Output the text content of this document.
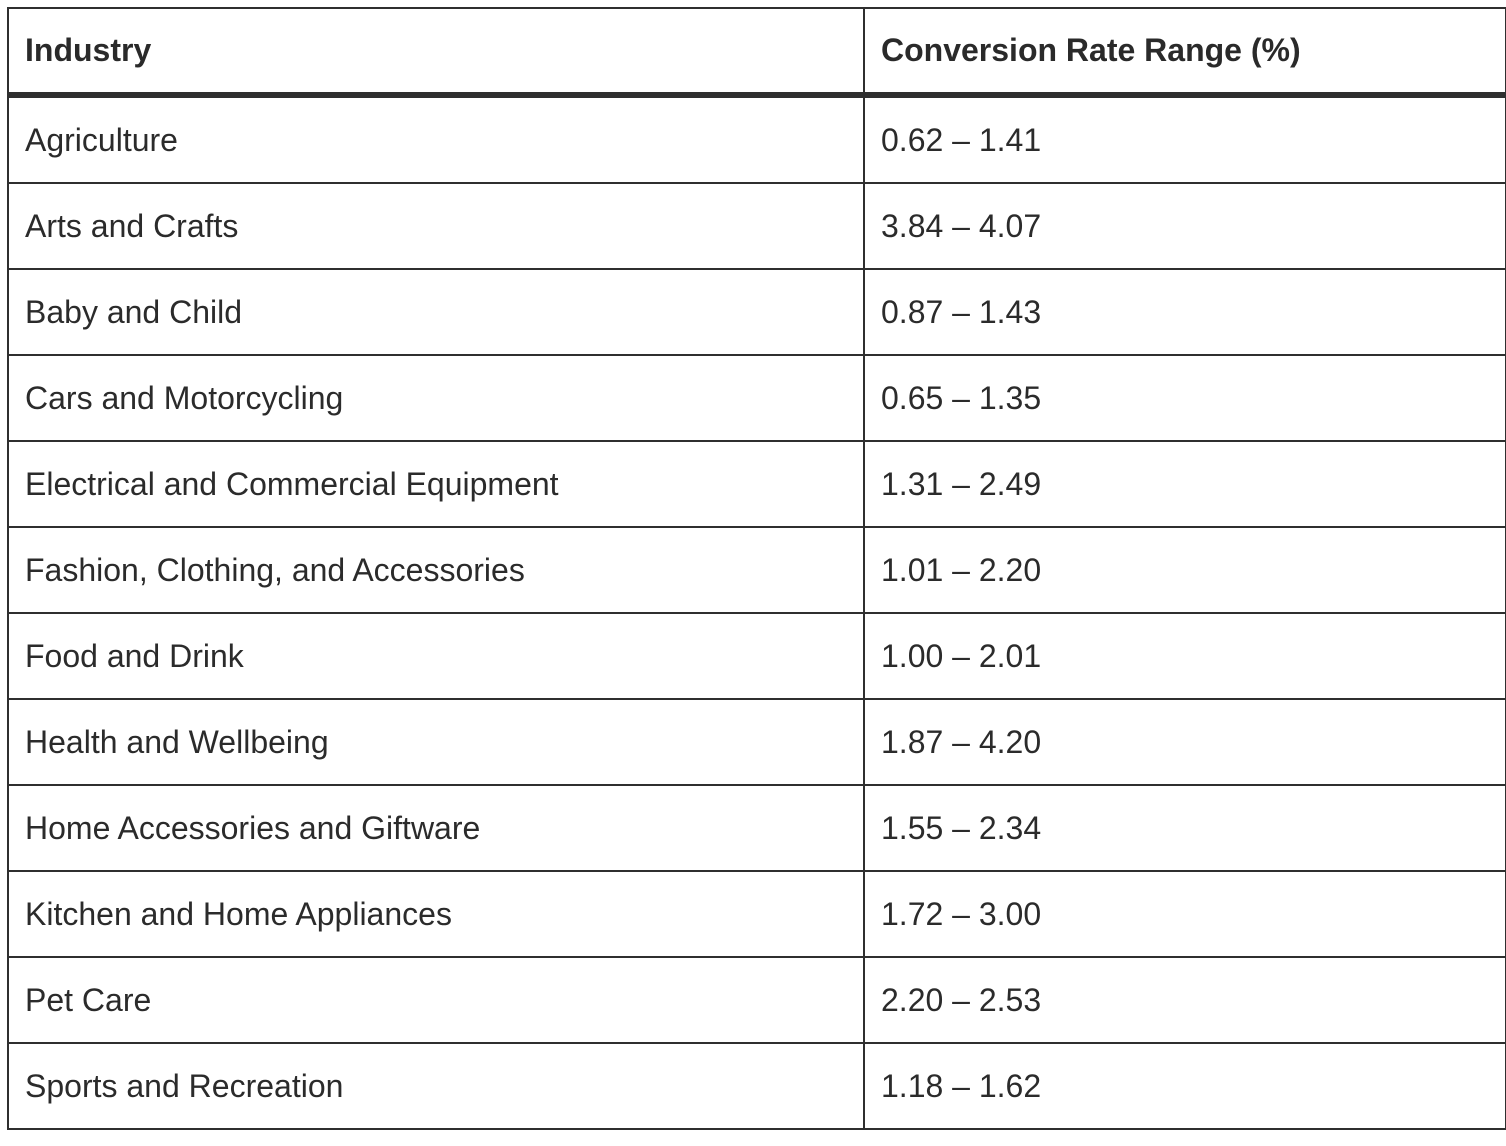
Industry	Conversion Rate Range (%)
Agriculture	0.62 – 1.41
Arts and Crafts	3.84 – 4.07
Baby and Child	0.87 – 1.43
Cars and Motorcycling	0.65 – 1.35
Electrical and Commercial Equipment	1.31 – 2.49
Fashion, Clothing, and Accessories	1.01 – 2.20
Food and Drink	1.00 – 2.01
Health and Wellbeing	1.87 – 4.20
Home Accessories and Giftware	1.55 – 2.34
Kitchen and Home Appliances	1.72 – 3.00
Pet Care	2.20 – 2.53
Sports and Recreation	1.18 – 1.62
